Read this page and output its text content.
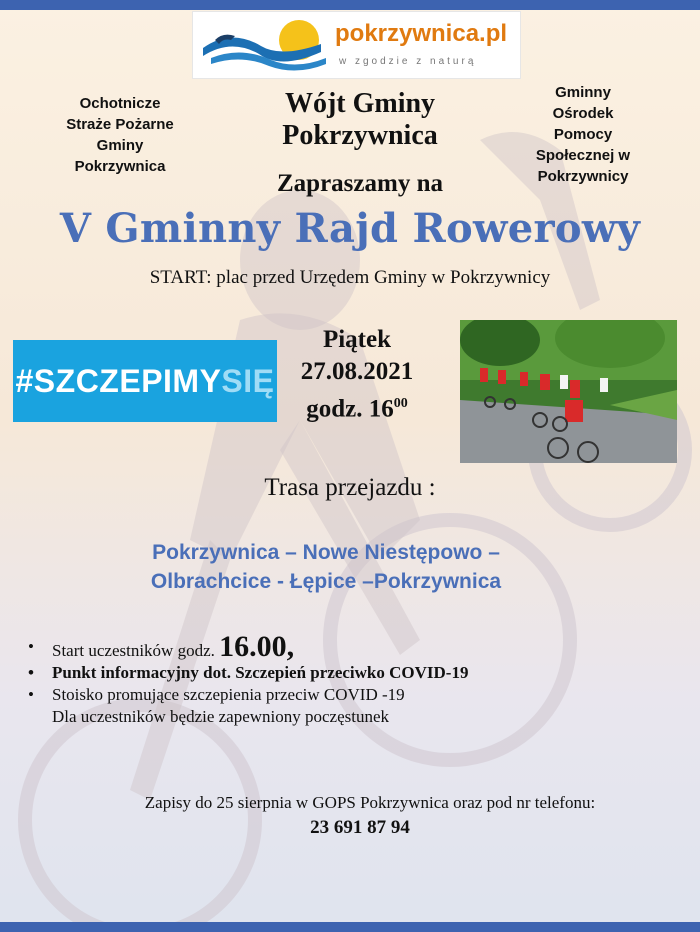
pokrzywnica.pl
w zgodzie z naturą
Ochotnicze
Straże Pożarne
Gminy
Pokrzywnica
Gminny
Ośrodek
Pomocy
Społecznej w
Pokrzywnicy
Wójt Gminy
Pokrzywnica
Zapraszamy na
V Gminny Rajd Rowerowy
START: plac przed Urzędem Gminy w Pokrzywnicy
#SZCZEPIMY SIĘ
Piątek
27.08.2021
godz. $16^{00}$
Trasa przejazdu :
Pokrzywnica – Nowe Niestępowo –
Olbrachcice - Łępice –Pokrzywnica
• Start uczestników godz. 16.00,
• Punkt informacyjny dot. Szczepień przeciwko COVID-19
• Stoisko promujące szczepienia przeciw COVID -19
Dla uczestników będzie zapewniony poczęstunek
Zapisy do 25 sierpnia w GOPS Pokrzywnica oraz pod nr telefonu:
23 691 87 94
